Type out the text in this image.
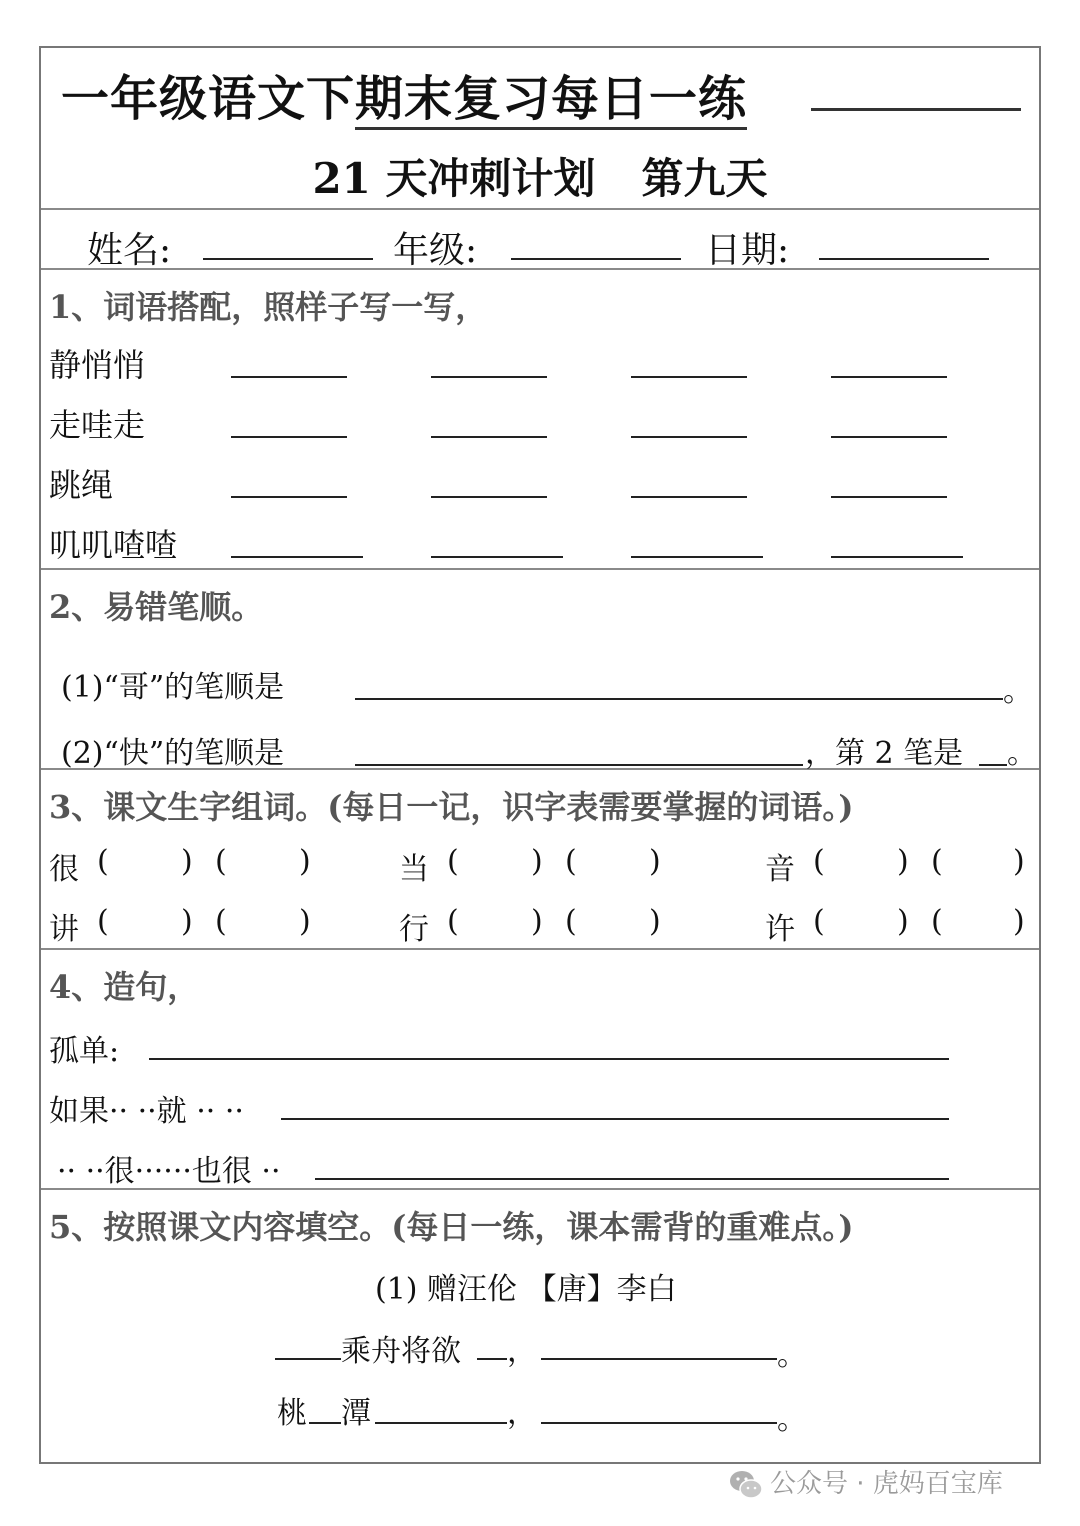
一年级语文下期末复习每日一练
21 天冲刺计划 第九天
姓名:	年级:	日期:
1、词语搭配，照样子写一写，
静悄悄
走哇走
跳绳
叽叽喳喳
2、易错笔顺。
(1)“哥”的笔顺是	。
(2)“快”的笔顺是	，第 2 笔是 。
3、课文生字组词。(每日一记，识字表需要掌握的词语。)
很 ( ) ( )	当 ( ) ( )	音 ( ) ( )
讲 ( ) ( )	行 ( ) ( )	许 ( ) ( )
4、造句，
孤单:
如果·· ··就 ·· ··
·· ··很······也很 ··
5、按照课文内容填空。(每日一练，课本需背的重难点。)
(1) 赠汪伦 【唐】李白
乘舟将欲 ，	。
桃 潭	，	。
公众号 · 虎妈百宝库
